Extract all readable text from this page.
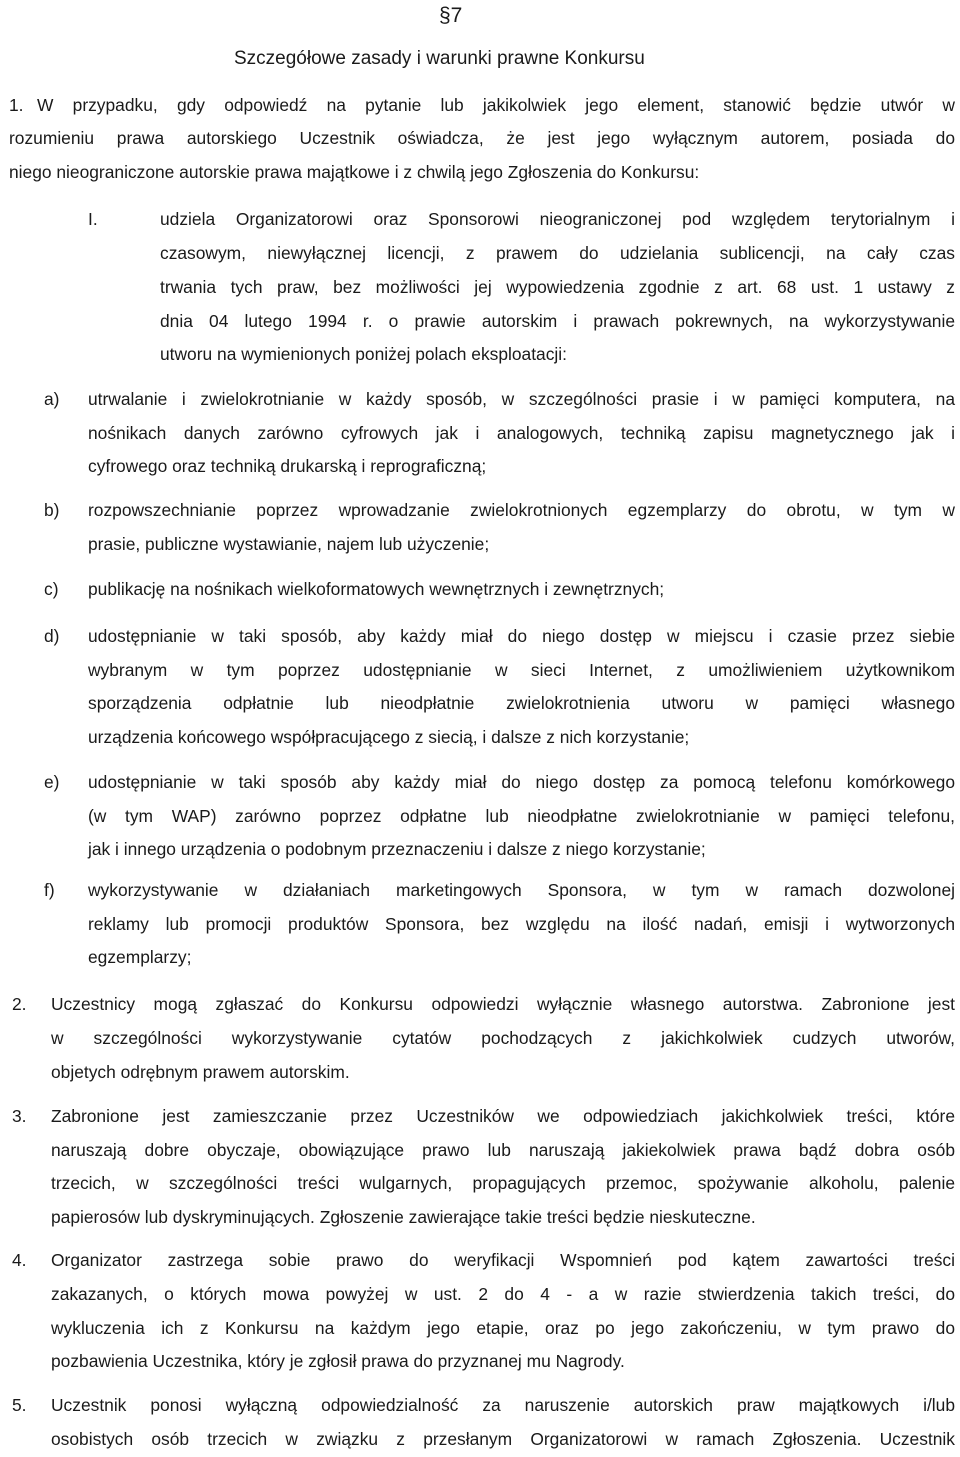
§7
Szczegółowe zasady i warunki prawne Konkursu
1. W przypadku, gdy odpowiedź na pytanie lub jakikolwiek jego element, stanowić będzie utwór w
rozumieniu prawa autorskiego Uczestnik oświadcza, że jest jego wyłącznym autorem, posiada do
niego nieograniczone autorskie prawa majątkowe i z chwilą jego Zgłoszenia do Konkursu:
I.	udziela Organizatorowi oraz Sponsorowi nieograniczonej pod względem terytorialnym i
czasowym, niewyłącznej licencji, z prawem do udzielania sublicencji, na cały czas
trwania tych praw, bez możliwości jej wypowiedzenia zgodnie z art. 68 ust. 1 ustawy z
dnia 04 lutego 1994 r. o prawie autorskim i prawach pokrewnych, na wykorzystywanie
utworu na wymienionych poniżej polach eksploatacji:
a) utrwalanie i zwielokrotnianie w każdy sposób, w szczególności prasie i w pamięci komputera, na
nośnikach danych zarówno cyfrowych jak i analogowych, techniką zapisu magnetycznego jak i
cyfrowego oraz techniką drukarską i reprograficzną;
b) rozpowszechnianie poprzez wprowadzanie zwielokrotnionych egzemplarzy do obrotu, w tym w
prasie, publiczne wystawianie, najem lub użyczenie;
c) publikację na nośnikach wielkoformatowych wewnętrznych i zewnętrznych;
d) udostępnianie w taki sposób, aby każdy miał do niego dostęp w miejscu i czasie przez siebie
wybranym w tym poprzez udostępnianie w sieci Internet, z umożliwieniem użytkownikom
sporządzenia odpłatnie lub nieodpłatnie zwielokrotnienia utworu w pamięci własnego
urządzenia końcowego współpracującego z siecią, i dalsze z nich korzystanie;
e) udostępnianie w taki sposób aby każdy miał do niego dostęp za pomocą telefonu komórkowego
(w tym WAP) zarówno poprzez odpłatne lub nieodpłatne zwielokrotnianie w pamięci telefonu,
jak i innego urządzenia o podobnym przeznaczeniu i dalsze z niego korzystanie;
f) wykorzystywanie w działaniach marketingowych Sponsora, w tym w ramach dozwolonej
reklamy lub promocji produktów Sponsora, bez względu na ilość nadań, emisji i wytworzonych
egzemplarzy;
2. Uczestnicy mogą zgłaszać do Konkursu odpowiedzi wyłącznie własnego autorstwa. Zabronione jest
w szczególności wykorzystywanie cytatów pochodzących z jakichkolwiek cudzych utworów,
objetych odrębnym prawem autorskim.
3. Zabronione jest zamieszczanie przez Uczestników we odpowiedziach jakichkolwiek treści, które
naruszają dobre obyczaje, obowiązujące prawo lub naruszają jakiekolwiek prawa bądź dobra osób
trzecich, w szczególności treści wulgarnych, propagujących przemoc, spożywanie alkoholu, palenie
papierosów lub dyskryminujących. Zgłoszenie zawierające takie treści będzie nieskuteczne.
4. Organizator zastrzega sobie prawo do weryfikacji Wspomnień pod kątem zawartości treści
zakazanych, o których mowa powyżej w ust. 2 do 4 - a w razie stwierdzenia takich treści, do
wykluczenia ich z Konkursu na każdym jego etapie, oraz po jego zakończeniu, w tym prawo do
pozbawienia Uczestnika, który je zgłosił prawa do przyznanej mu Nagrody.
5. Uczestnik ponosi wyłączną odpowiedzialność za naruszenie autorskich praw majątkowych i/lub
osobistych osób trzecich w związku z przesłanym Organizatorowi w ramach Zgłoszenia. Uczestnik
